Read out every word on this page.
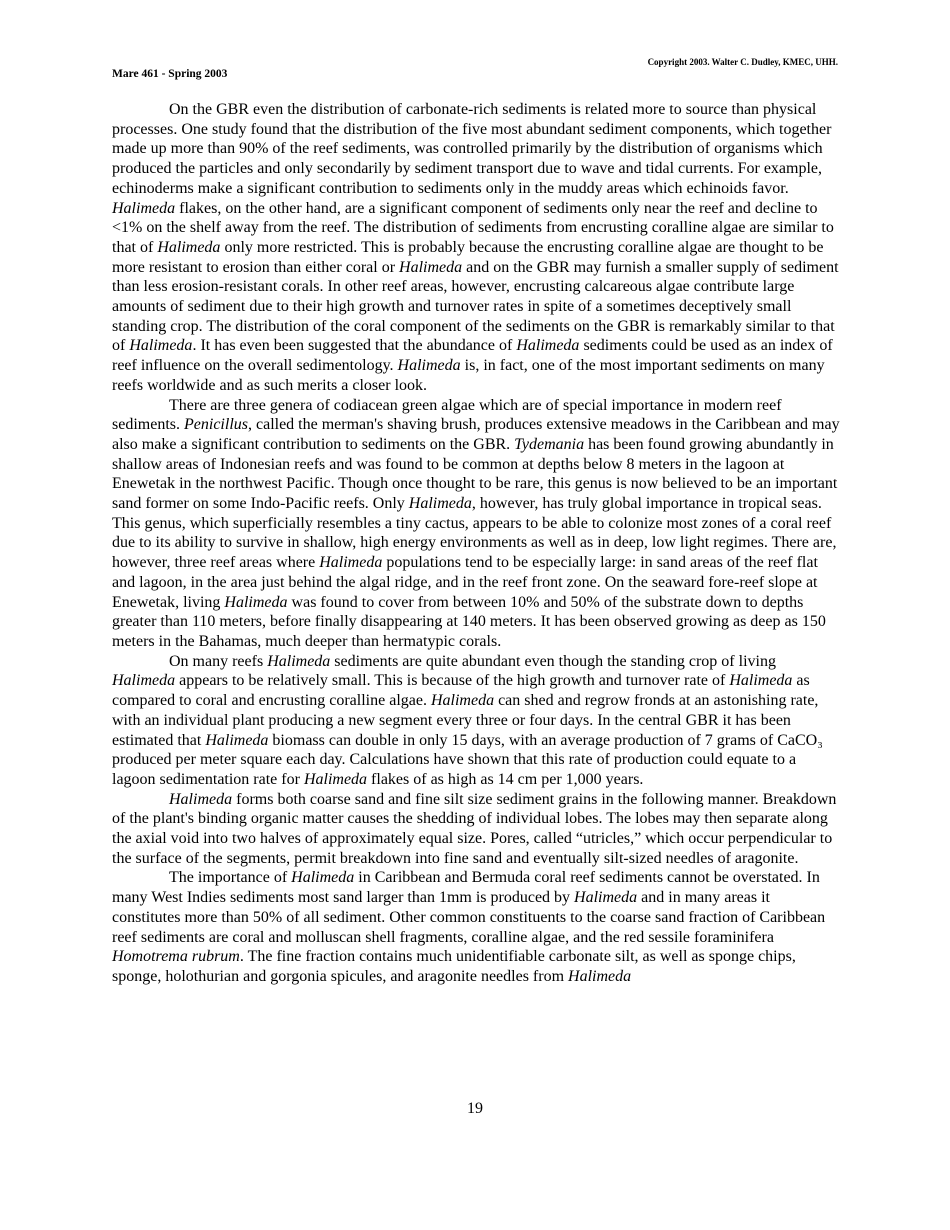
Copyright 2003. Walter C. Dudley, KMEC, UHH.
Mare 461 - Spring 2003

On the GBR even the distribution of carbonate-rich sediments is related more to source than physical processes. One study found that the distribution of the five most abundant sediment components, which together made up more than 90% of the reef sediments, was controlled primarily by the distribution of organisms which produced the particles and only secondarily by sediment transport due to wave and tidal currents. For example, echinoderms make a significant contribution to sediments only in the muddy areas which echinoids favor. Halimeda flakes, on the other hand, are a significant component of sediments only near the reef and decline to <1% on the shelf away from the reef. The distribution of sediments from encrusting coralline algae are similar to that of Halimeda only more restricted. This is probably because the encrusting coralline algae are thought to be more resistant to erosion than either coral or Halimeda and on the GBR may furnish a smaller supply of sediment than less erosion-resistant corals. In other reef areas, however, encrusting calcareous algae contribute large amounts of sediment due to their high growth and turnover rates in spite of a sometimes deceptively small standing crop. The distribution of the coral component of the sediments on the GBR is remarkably similar to that of Halimeda. It has even been suggested that the abundance of Halimeda sediments could be used as an index of reef influence on the overall sedimentology. Halimeda is, in fact, one of the most important sediments on many reefs worldwide and as such merits a closer look.

There are three genera of codiacean green algae which are of special importance in modern reef sediments. Penicillus, called the merman's shaving brush, produces extensive meadows in the Caribbean and may also make a significant contribution to sediments on the GBR. Tydemania has been found growing abundantly in shallow areas of Indonesian reefs and was found to be common at depths below 8 meters in the lagoon at Enewetak in the northwest Pacific. Though once thought to be rare, this genus is now believed to be an important sand former on some Indo-Pacific reefs. Only Halimeda, however, has truly global importance in tropical seas. This genus, which superficially resembles a tiny cactus, appears to be able to colonize most zones of a coral reef due to its ability to survive in shallow, high energy environments as well as in deep, low light regimes. There are, however, three reef areas where Halimeda populations tend to be especially large: in sand areas of the reef flat and lagoon, in the area just behind the algal ridge, and in the reef front zone. On the seaward fore-reef slope at Enewetak, living Halimeda was found to cover from between 10% and 50% of the substrate down to depths greater than 110 meters, before finally disappearing at 140 meters. It has been observed growing as deep as 150 meters in the Bahamas, much deeper than hermatypic corals.

On many reefs Halimeda sediments are quite abundant even though the standing crop of living Halimeda appears to be relatively small. This is because of the high growth and turnover rate of Halimeda as compared to coral and encrusting coralline algae. Halimeda can shed and regrow fronds at an astonishing rate, with an individual plant producing a new segment every three or four days. In the central GBR it has been estimated that Halimeda biomass can double in only 15 days, with an average production of 7 grams of CaCO₃ produced per meter square each day. Calculations have shown that this rate of production could equate to a lagoon sedimentation rate for Halimeda flakes of as high as 14 cm per 1,000 years.

Halimeda forms both coarse sand and fine silt size sediment grains in the following manner. Breakdown of the plant's binding organic matter causes the shedding of individual lobes. The lobes may then separate along the axial void into two halves of approximately equal size. Pores, called “utricles,” which occur perpendicular to the surface of the segments, permit breakdown into fine sand and eventually silt-sized needles of aragonite.

The importance of Halimeda in Caribbean and Bermuda coral reef sediments cannot be overstated. In many West Indies sediments most sand larger than 1mm is produced by Halimeda and in many areas it constitutes more than 50% of all sediment. Other common constituents to the coarse sand fraction of Caribbean reef sediments are coral and molluscan shell fragments, coralline algae, and the red sessile foraminifera Homotrema rubrum. The fine fraction contains much unidentifiable carbonate silt, as well as sponge chips, sponge, holothurian and gorgonia spicules, and aragonite needles from Halimeda

19
